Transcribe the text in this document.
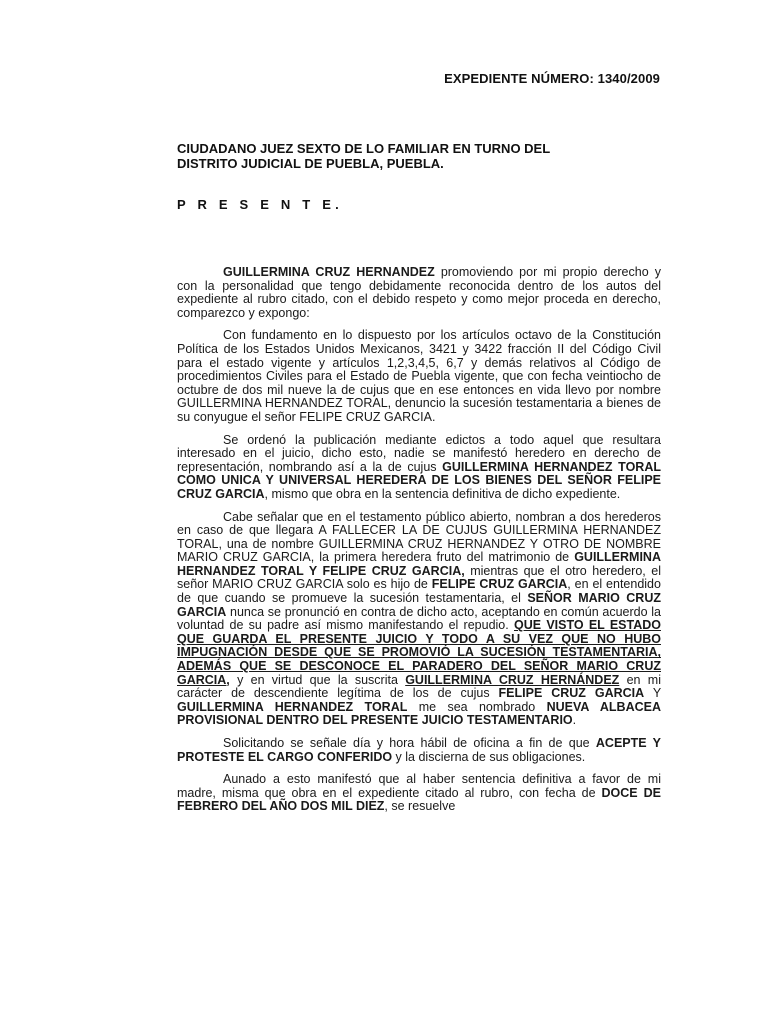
EXPEDIENTE NÚMERO: 1340/2009
CIUDADANO JUEZ SEXTO DE LO FAMILIAR EN TURNO DEL
DISTRITO JUDICIAL DE PUEBLA, PUEBLA.
P R E S E N T E.

GUILLERMINA CRUZ HERNANDEZ promoviendo por mi propio derecho y con la personalidad que tengo debidamente reconocida dentro de los autos del expediente al rubro citado, con el debido respeto y como mejor proceda en derecho, comparezco y expongo:

Con fundamento en lo dispuesto por los artículos octavo de la Constitución Política de los Estados Unidos Mexicanos, 3421 y 3422 fracción II del Código Civil para el estado vigente y artículos 1,2,3,4,5, 6,7 y demás relativos al Código de procedimientos Civiles para el Estado de Puebla vigente, que con fecha veintiocho de octubre de dos mil nueve la de cujus que en ese entonces en vida llevo por nombre GUILLERMINA HERNANDEZ TORAL, denuncio la sucesión testamentaria a bienes de su conyugue el señor FELIPE CRUZ GARCIA.

Se ordenó la publicación mediante edictos a todo aquel que resultara interesado en el juicio, dicho esto, nadie se manifestó heredero en derecho de representación, nombrando así a la de cujus GUILLERMINA HERNANDEZ TORAL COMO UNICA Y UNIVERSAL HEREDERA DE LOS BIENES DEL SEÑOR FELIPE CRUZ GARCIA, mismo que obra en la sentencia definitiva de dicho expediente.

Cabe señalar que en el testamento público abierto, nombran a dos herederos en caso de que llegara A FALLECER LA DE CUJUS GUILLERMINA HERNANDEZ TORAL, una de nombre GUILLERMINA CRUZ HERNANDEZ Y OTRO DE NOMBRE MARIO CRUZ GARCIA, la primera heredera fruto del matrimonio de GUILLERMINA HERNANDEZ TORAL Y FELIPE CRUZ GARCIA, mientras que el otro heredero, el señor MARIO CRUZ GARCIA solo es hijo de FELIPE CRUZ GARCIA, en el entendido de que cuando se promueve la sucesión testamentaria, el SEÑOR MARIO CRUZ GARCIA nunca se pronunció en contra de dicho acto, aceptando en común acuerdo la voluntad de su padre así mismo manifestando el repudio. QUE VISTO EL ESTADO QUE GUARDA EL PRESENTE JUICIO Y TODO A SU VEZ QUE NO HUBO IMPUGNACIÓN DESDE QUE SE PROMOVIÓ LA SUCESIÓN TESTAMENTARIA, ADEMÁS QUE SE DESCONOCE EL PARADERO DEL SEÑOR MARIO CRUZ GARCIA, y en virtud que la suscrita GUILLERMINA CRUZ HERNÁNDEZ en mi carácter de descendiente legítima de los de cujus FELIPE CRUZ GARCIA Y GUILLERMINA HERNANDEZ TORAL me sea nombrado NUEVA ALBACEA PROVISIONAL DENTRO DEL PRESENTE JUICIO TESTAMENTARIO.

Solicitando se señale día y hora hábil de oficina a fin de que ACEPTE Y PROTESTE EL CARGO CONFERIDO y la discierna de sus obligaciones.

Aunado a esto manifestó que al haber sentencia definitiva a favor de mi madre, misma que obra en el expediente citado al rubro, con fecha de DOCE DE FEBRERO DEL AÑO DOS MIL DIEZ, se resuelve
